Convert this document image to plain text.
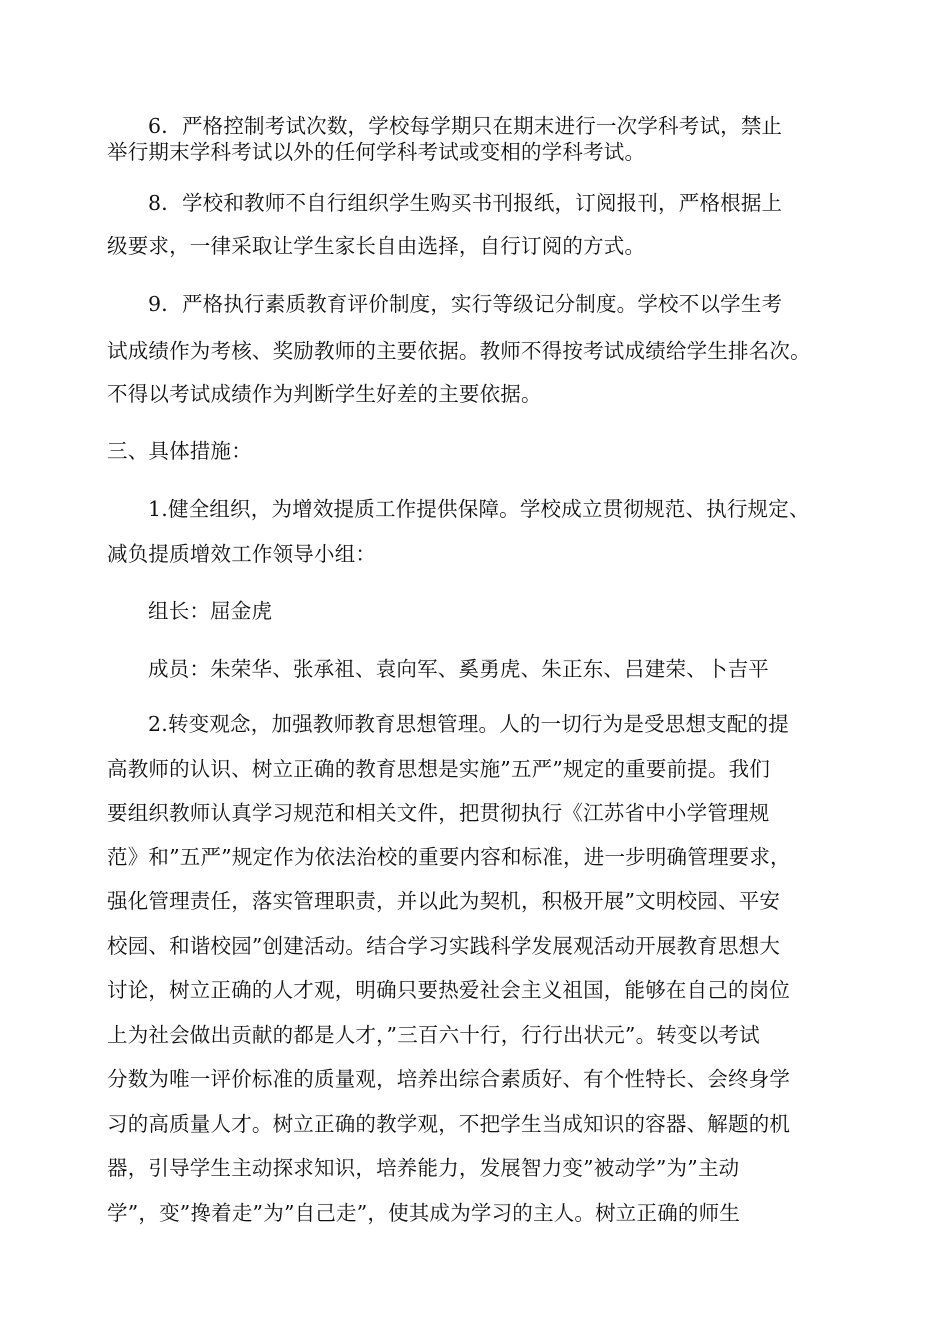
6．严格控制考试次数，学校每学期只在期末进行一次学科考试，禁止
举行期末学科考试以外的任何学科考试或变相的学科考试。
8．学校和教师不自行组织学生购买书刊报纸，订阅报刊，严格根据上
级要求，一律采取让学生家长自由选择，自行订阅的方式。
9．严格执行素质教育评价制度，实行等级记分制度。学校不以学生考
试成绩作为考核、奖励教师的主要依据。教师不得按考试成绩给学生排名次。
不得以考试成绩作为判断学生好差的主要依据。
三、具体措施：
1.健全组织，为增效提质工作提供保障。学校成立贯彻规范、执行规定、
减负提质增效工作领导小组：
组长：屈金虎
成员：朱荣华、张承祖、袁向军、奚勇虎、朱正东、吕建荣、卜吉平
2.转变观念，加强教师教育思想管理。人的一切行为是受思想支配的提
高教师的认识、树立正确的教育思想是实施”五严”规定的重要前提。我们
要组织教师认真学习规范和相关文件，把贯彻执行《江苏省中小学管理规
范》和”五严”规定作为依法治校的重要内容和标准，进一步明确管理要求，
强化管理责任，落实管理职责，并以此为契机，积极开展”文明校园、平安
校园、和谐校园”创建活动。结合学习实践科学发展观活动开展教育思想大
讨论，树立正确的人才观，明确只要热爱社会主义祖国，能够在自己的岗位
上为社会做出贡献的都是人才，”三百六十行，行行出状元”。转变以考试
分数为唯一评价标准的质量观，培养出综合素质好、有个性特长、会终身学
习的高质量人才。树立正确的教学观，不把学生当成知识的容器、解题的机
器，引导学生主动探求知识，培养能力，发展智力变”被动学”为”主动
学”，变”搀着走”为”自己走”，使其成为学习的主人。树立正确的师生
